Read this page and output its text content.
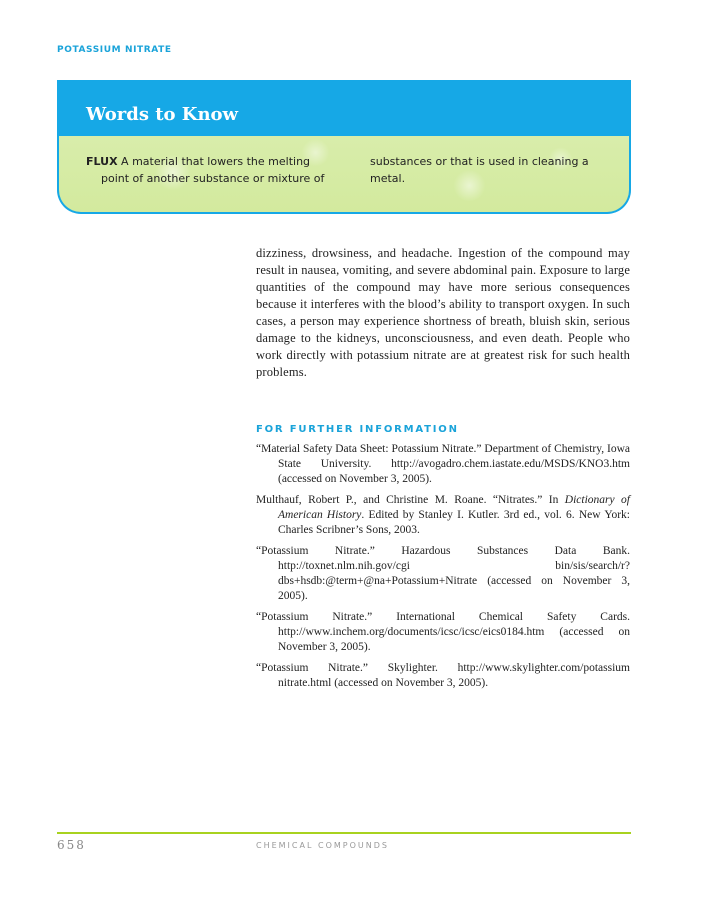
POTASSIUM NITRATE
Words to Know
FLUX A material that lowers the melting point of another substance or mixture of
substances or that is used in cleaning a metal.

dizziness, drowsiness, and headache. Ingestion of the compound may result in nausea, vomiting, and severe abdominal pain. Exposure to large quantities of the compound may have more serious consequences because it interferes with the blood’s ability to transport oxygen. In such cases, a person may experience shortness of breath, bluish skin, serious damage to the kidneys, unconsciousness, and even death. People who work directly with potassium nitrate are at greatest risk for such health problems.

FOR FURTHER INFORMATION

“Material Safety Data Sheet: Potassium Nitrate.” Department of Chemistry, Iowa State University. http://avogadro.chem.iastate.edu/MSDS/KNO3.htm (accessed on November 3, 2005).

Multhauf, Robert P., and Christine M. Roane. “Nitrates.” In Dictionary of American History. Edited by Stanley I. Kutler. 3rd ed., vol. 6. New York: Charles Scribner’s Sons, 2003.

“Potassium Nitrate.” Hazardous Substances Data Bank. http://toxnet.nlm.nih.gov/cgi bin/sis/search/r?dbs+hsdb:@term+@na+Potassium+Nitrate (accessed on November 3, 2005).

“Potassium Nitrate.” International Chemical Safety Cards. http://www.inchem.org/documents/icsc/icsc/eics0184.htm (accessed on November 3, 2005).

“Potassium Nitrate.” Skylighter. http://www.skylighter.com/potassium nitrate.html (accessed on November 3, 2005).

658	CHEMICAL COMPOUNDS
